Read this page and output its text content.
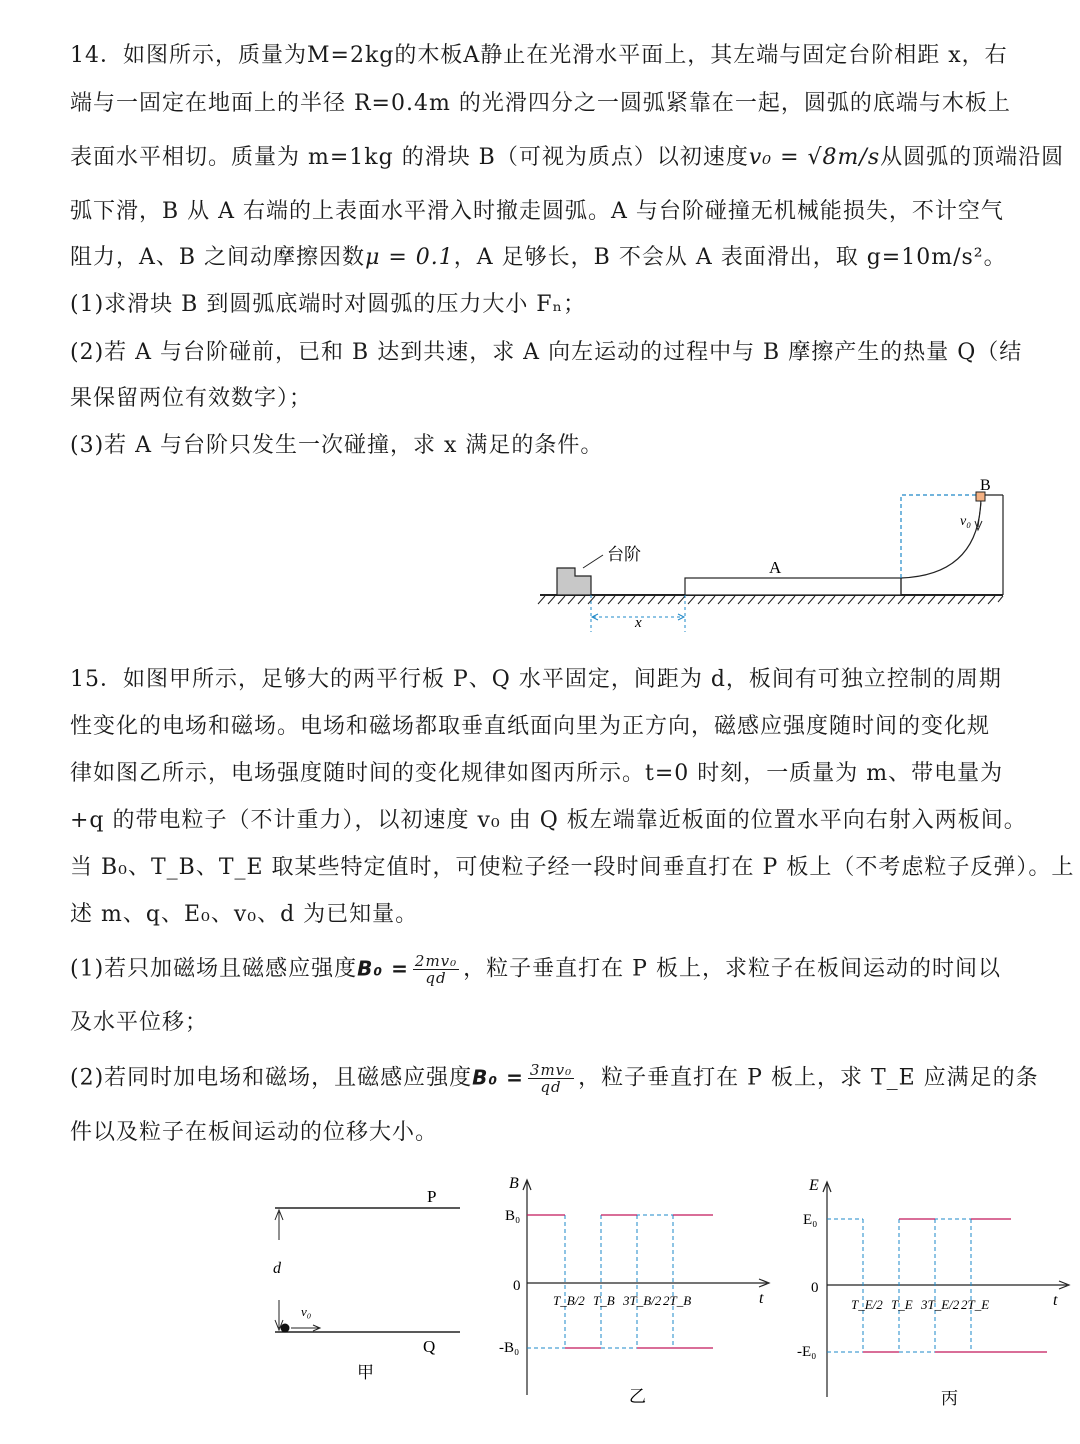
14．如图所示，质量为M=2kg的木板A静止在光滑水平面上，其左端与固定台阶相距 x，右
端与一固定在地面上的半径 R=0.4m 的光滑四分之一圆弧紧靠在一起，圆弧的底端与木板上
表面水平相切。质量为 m=1kg 的滑块 B（可视为质点）以初速度v₀ = √8m/s从圆弧的顶端沿圆
弧下滑，B 从 A 右端的上表面水平滑入时撤走圆弧。A 与台阶碰撞无机械能损失，不计空气
阻力，A、B 之间动摩擦因数μ = 0.1，A 足够长，B 不会从 A 表面滑出，取 g=10m/s²。
(1)求滑块 B 到圆弧底端时对圆弧的压力大小 Fₙ；
(2)若 A 与台阶碰前，已和 B 达到共速，求 A 向左运动的过程中与 B 摩擦产生的热量 Q（结
果保留两位有效数字）；
(3)若 A 与台阶只发生一次碰撞，求 x 满足的条件。
台阶
A
B
v₀
x
15．如图甲所示，足够大的两平行板 P、Q 水平固定，间距为 d，板间有可独立控制的周期
性变化的电场和磁场。电场和磁场都取垂直纸面向里为正方向，磁感应强度随时间的变化规
律如图乙所示，电场强度随时间的变化规律如图丙所示。t=0 时刻，一质量为 m、带电量为
+q 的带电粒子（不计重力），以初速度 v₀ 由 Q 板左端靠近板面的位置水平向右射入两板间。
当 B₀、T_B、T_E 取某些特定值时，可使粒子经一段时间垂直打在 P 板上（不考虑粒子反弹）。上
述 m、q、E₀、v₀、d 为已知量。
(1)若只加磁场且磁感应强度$B_0 = \frac{\text{2mv₀}}{qd}$ ，粒子垂直打在 P 板上，求粒子在板间运动的时间以
及水平位移；
(2)若同时加电场和磁场，且磁感应强度$B_0 = \frac{\text{3mv₀}}{qd}$ ，粒子垂直打在 P 板上，求 T_E 应满足的条
件以及粒子在板间运动的位移大小。
P
Q
d
v₀
甲
B
t
B₀
0
-B₀
T_B/2 T_B 3T_B/2 2T_B
乙
E
t
E₀
0
-E₀
T_E/2 T_E 3T_E/2 2T_E
丙
